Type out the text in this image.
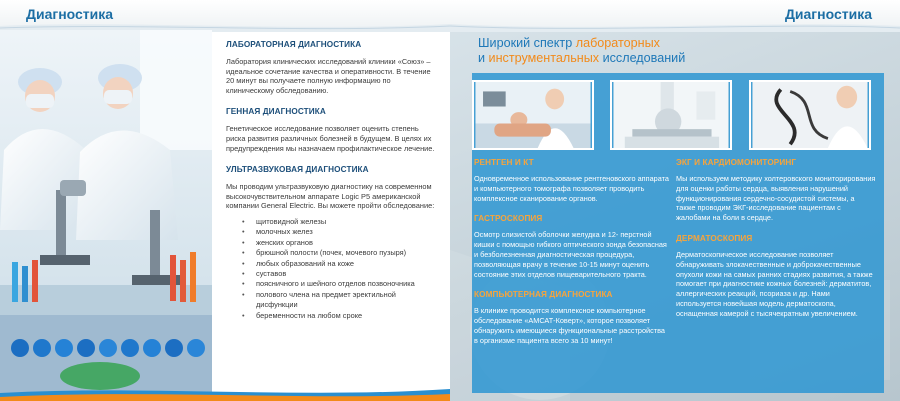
Диагностика
ЛАБОРАТОРНАЯ ДИАГНОСТИКА
Лаборатория клинических исследований клиники «Союз» – идеальное сочетание качества и оперативности. В течение 20 минут вы получаете полную информацию по клиническому обследованию.
ГЕННАЯ ДИАГНОСТИКА
Генетическое исследование позволяет оценить степень риска развития различных болезней в будущем. В целях их предупреждения мы назначаем профилактическое лечение.
УЛЬТРАЗВУКОВАЯ ДИАГНОСТИКА
Мы проводим ультразвуковую диагностику на современном высокочувствительном аппарате Logic P5 американской компании General Electric. Вы можете пройти обследование:
• щитовидной железы
• молочных желез
• женских органов
• брюшной полости (почек, мочевого пузыря)
• любых образований на коже
• суставов
• поясничного и шейного отделов позвоночника
• полового члена на предмет эректильной дисфункции
• беременности на любом сроке
Диагностика
Широкий спектр лабораторных
и инструментальных исследований
РЕНТГЕН И КТ
Одновременное использование рентгеновского аппарата и компьютерного томографа позволяет проводить комплексное сканирование органов.
ГАСТРОСКОПИЯ
Осмотр слизистой оболочки желудка и 12- перстной кишки с помощью гибкого оптического зонда безопасная и безболезненная диагностическая процедура, позволяющая врачу в течение 10-15 минут оценить состояние этих отделов пищеварительного тракта.
КОМПЬЮТЕРНАЯ ДИАГНОСТИКА
В клинике проводится комплексное компьютерное обследование «АМСАТ-Коверт», которое позволяет обнаружить имеющиеся функциональные расстройства в организме пациента всего за 10 минут!
ЭКГ И КАРДИОМОНИТОРИНГ
Мы используем методику холтеровского мониторирования для оценки работы сердца, выявления нарушений функционирования сердечно-сосудистой системы, а также проводим ЭКГ-исследование пациентам с жалобами на боли в сердце.
ДЕРМАТОСКОПИЯ
Дерматоскопическое исследование позволяет обнаруживать злокачественные и доброкачественные опухоли кожи на самых ранних стадиях развития, а также помогает при диагностике кожных болезней: дерматитов, аллергических реакций, псориаза и др. Нами используется новейшая модель дерматоскопа, оснащенная камерой с тысячекратным увеличением.
